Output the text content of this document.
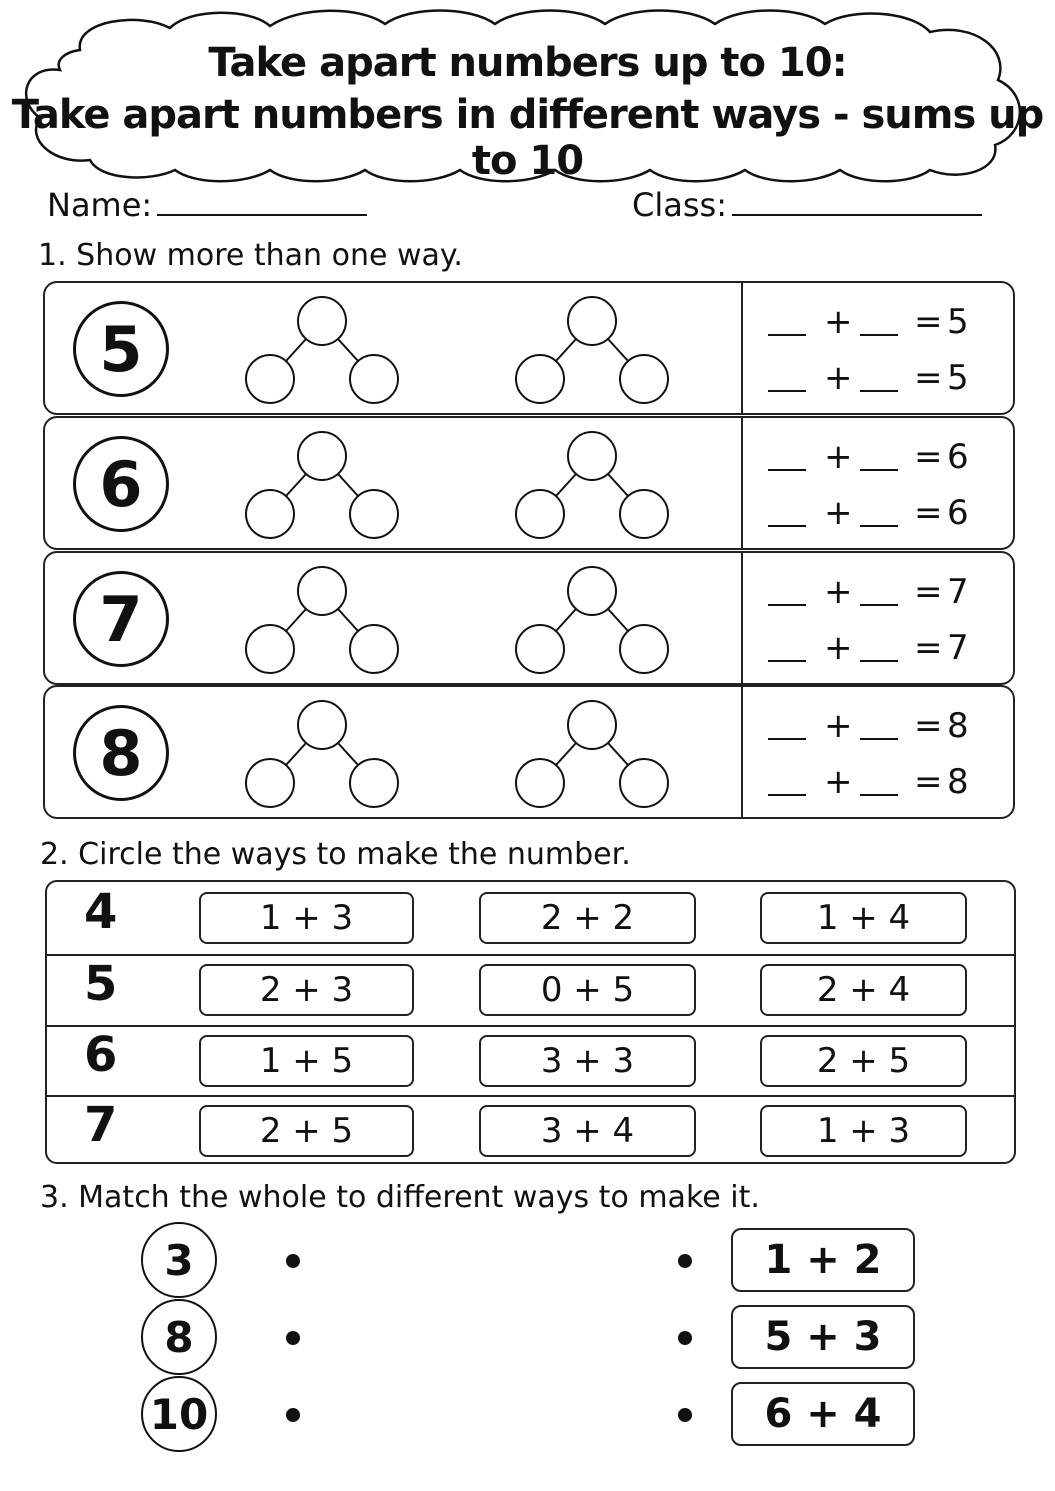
Take apart numbers up to 10:
Take apart numbers in different ways - sums up to 10
Name:	Class:
1. Show more than one way.
5	+ = 5
+ = 5
6	+ = 6
+ = 6
7	+ = 7
+ = 7
8	+ = 8
+ = 8
2. Circle the ways to make the number.
4	1 + 3	2 + 2	1 + 4
5	2 + 3	0 + 5	2 + 4
6	1 + 5	3 + 3	2 + 5
7	2 + 5	3 + 4	1 + 3
3. Match the whole to different ways to make it.
3
8
10
1 + 2
5 + 3
6 + 4
